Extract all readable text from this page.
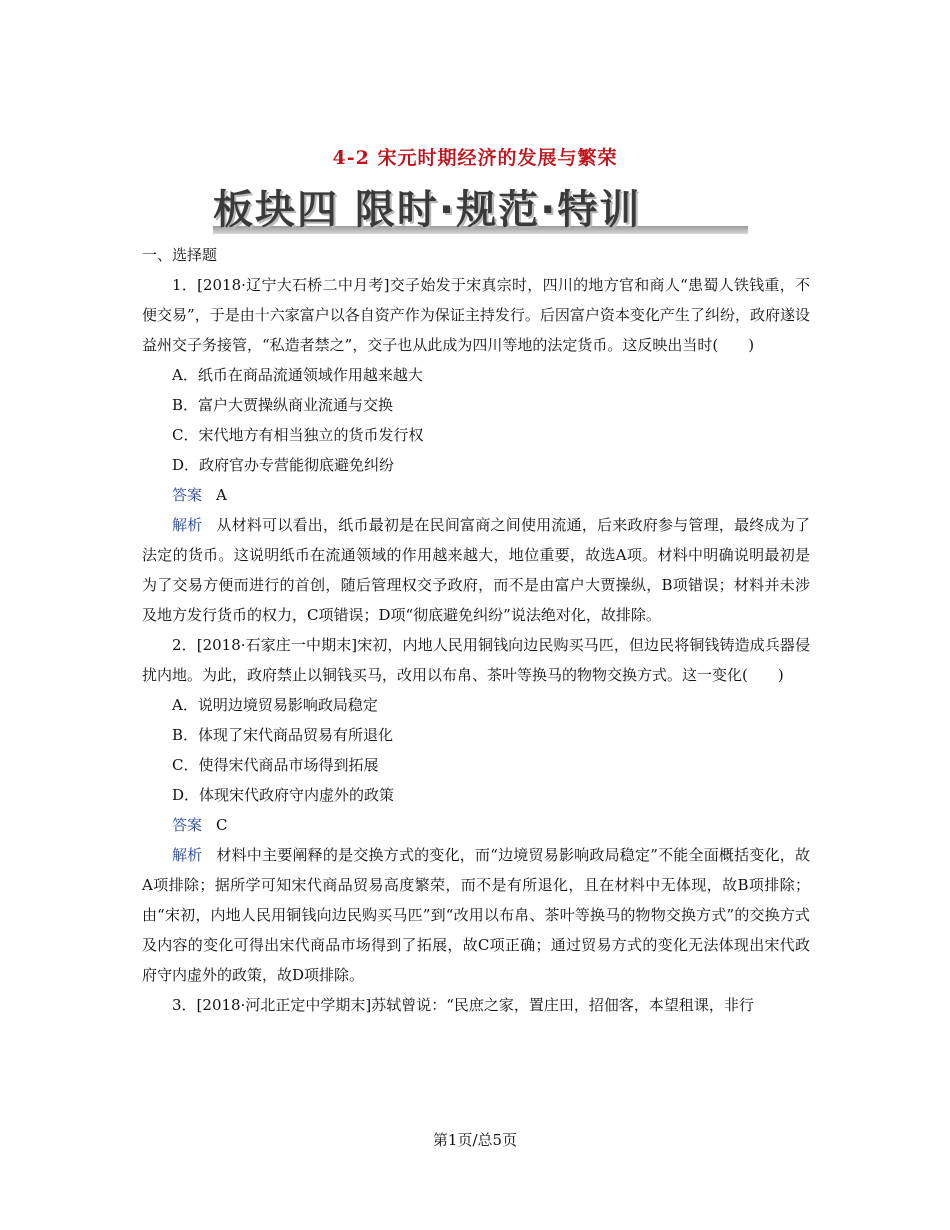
4-2 宋元时期经济的发展与繁荣
板块四 限时·规范·特训

一、选择题

1．[2018·辽宁大石桥二中月考]交子始发于宋真宗时，四川的地方官和商人“患蜀人铁钱重，不便交易”，于是由十六家富户以各自资产作为保证主持发行。后因富户资本变化产生了纠纷，政府遂设益州交子务接管，“私造者禁之”，交子也从此成为四川等地的法定货币。这反映出当时(　　)

A．纸币在商品流通领域作用越来越大

B．富户大贾操纵商业流通与交换

C．宋代地方有相当独立的货币发行权

D．政府官办专营能彻底避免纠纷

答案 A

解析 从材料可以看出，纸币最初是在民间富商之间使用流通，后来政府参与管理，最终成为了法定的货币。这说明纸币在流通领域的作用越来越大，地位重要，故选A项。材料中明确说明最初是为了交易方便而进行的首创，随后管理权交予政府，而不是由富户大贾操纵，B项错误；材料并未涉及地方发行货币的权力，C项错误；D项“彻底避免纠纷”说法绝对化，故排除。

2．[2018·石家庄一中期末]宋初，内地人民用铜钱向边民购买马匹，但边民将铜钱铸造成兵器侵扰内地。为此，政府禁止以铜钱买马，改用以布帛、茶叶等换马的物物交换方式。这一变化(　　)

A．说明边境贸易影响政局稳定

B．体现了宋代商品贸易有所退化

C．使得宋代商品市场得到拓展

D．体现宋代政府守内虚外的政策

答案 C

解析 材料中主要阐释的是交换方式的变化，而“边境贸易影响政局稳定”不能全面概括变化，故A项排除；据所学可知宋代商品贸易高度繁荣，而不是有所退化，且在材料中无体现，故B项排除；由“宋初，内地人民用铜钱向边民购买马匹”到“改用以布帛、茶叶等换马的物物交换方式”的交换方式及内容的变化可得出宋代商品市场得到了拓展，故C项正确；通过贸易方式的变化无法体现出宋代政府守内虚外的政策，故D项排除。

3．[2018·河北正定中学期末]苏轼曾说：“民庶之家，置庄田，招佃客，本望租课，非行

第1页/总5页
